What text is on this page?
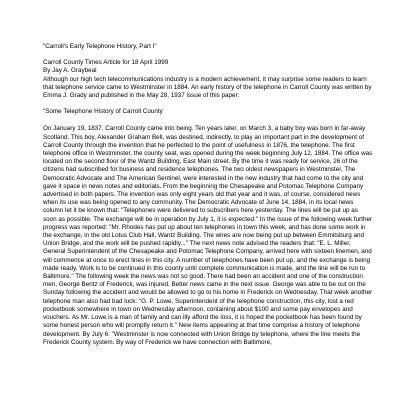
"Carroll's Early Telephone History, Part I"
Carroll County Times Article for 18 April 1999
By Jay A. Graybeal
Although our high tech telecommunications industry is a modern achievement, it may surprise some readers to learn that telephone service came to Westminster in 1884. An early history of the telephone in Carroll County was written by Emma J. Grady and published in the May 28, 1937 issue of this paper:
"Some Telephone History of Carroll County
On January 19, 1837, Carroll County came into being. Ten years later, on March 3, a baby boy was born in far-away Scotland. This boy, Alexander Graham Bell, was destined, indirectly, to play an important part in the development of Carroll County through the invention that he perfected to the point of usefulness in 1876, the telephone. The first telephone office in Westminster, the county seat, was opened during the week beginning July 12, 1884. The office was located on the second floor of the Wantz Building, East Main street. By the time it was ready for service, 26 of the citizens had subscribed for business and residence telephones. The two oldest newspapers in Westminster, The Democratic Advocate and The American Sentinel, were interested in the new industry that had come to the city and gave it space in news notes and editorials. From the beginning the Chesapeake and Potomac Telephone Company advertised in both papers. The invention was only eight years old that year and it was, of course, considered news when its use was being opened to any community. The Democratic Advocate of June 14, 1884, in its local news column let it be known that: "Telephones were delivered to subscribers here yesterday. The lines will be put up as soon as possible. The exchange will be in operation by July 1, it is expected." In the issue of the following week further progress was reported: "Mr. Rhodes has put up about ten telephones in town this week, and has done some work in the exchange, in the old Lotus Club Hall, Wantz Building. The wires are now being put up between Emmitsburg and Union Bridge, and the work will be pushed rapidly..." The next news note advised the readers that: "E. L. Miller, General Superintendent of the Chesapeake and Potomac Telephone Company, arrived here with sixteen linemen, and will commence at once to erect lines in this city. A number of telephones have been put up, and the exchange is being made ready. Work is to be continued in this county until complete communication is made, and the line will be run to Baltimore." The following week the news was not so good. There had been an accident and one of the construction men, George Bentz of Frederick, was injured. Better news came in the next issue. George was able to be out on the Sunday following the accident and would be allowed to go to his home in Frederick on Wednesday. That week another telephone man also had bad luck: "G. P. Lowe, Superintendent of the telephone construction, this city, lost a red pocketbook somewhere in town on Wednesday afternoon, containing about $100 and some pay envelopes and vouchers. As Mr. Lowe is a man of family and can illy afford the loss, it is hoped the pocketbook has been found by some honest person who will promptly return it." New items appearing at that time comprise a history of telephone development. By July 6: "Westminster is now connected with Union Bridge by telephone, where the line meets the Frederick County system. By way of Frederick we have connection with Baltimore,
